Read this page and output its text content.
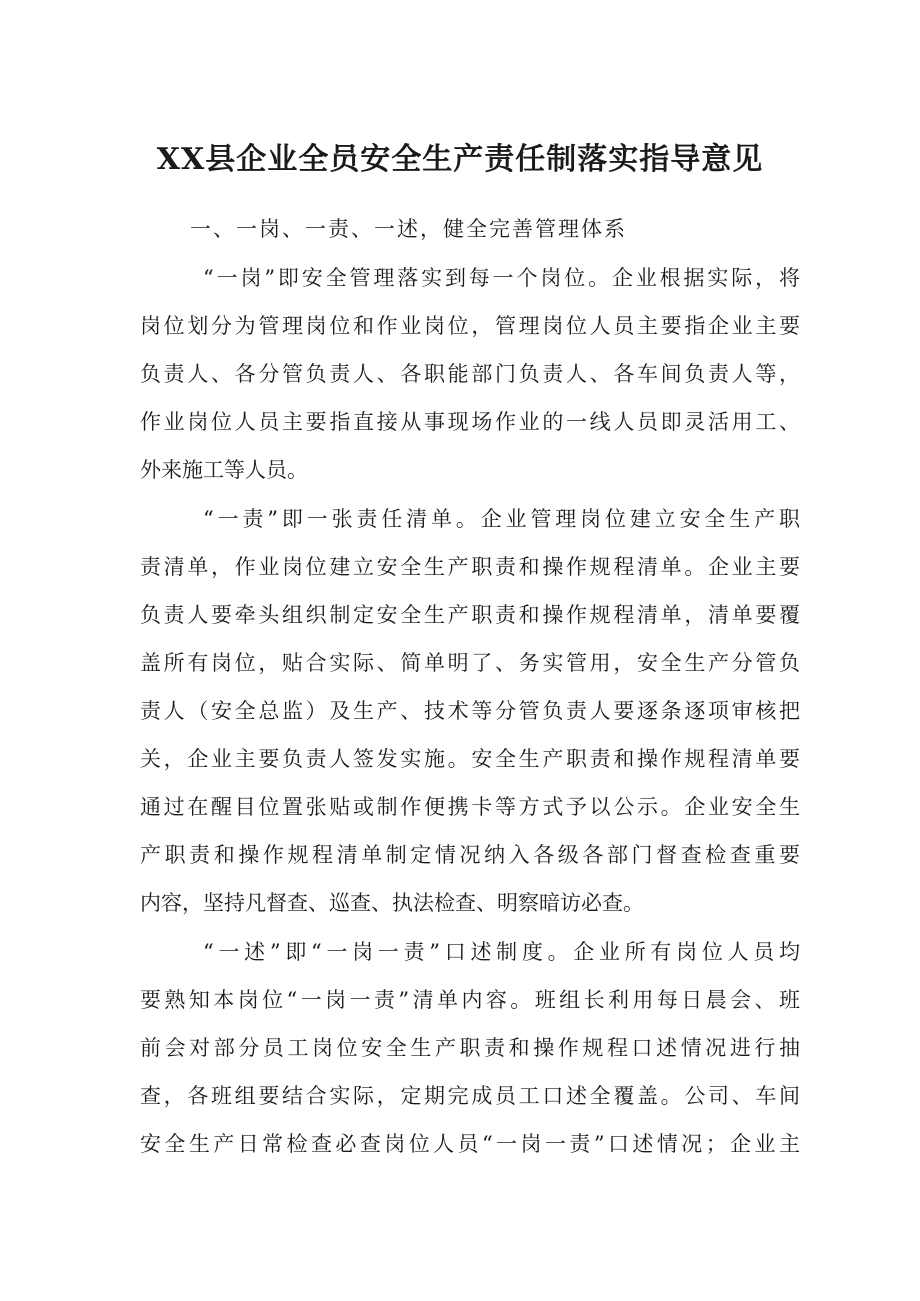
XX县企业全员安全生产责任制落实指导意见

一、一岗、一责、一述，健全完善管理体系

“一岗”即安全管理落实到每一个岗位。企业根据实际，将
岗位划分为管理岗位和作业岗位，管理岗位人员主要指企业主要
负责人、各分管负责人、各职能部门负责人、各车间负责人等，
作业岗位人员主要指直接从事现场作业的一线人员即灵活用工、
外来施工等人员。

“一责”即一张责任清单。企业管理岗位建立安全生产职
责清单，作业岗位建立安全生产职责和操作规程清单。企业主要
负责人要牵头组织制定安全生产职责和操作规程清单，清单要覆
盖所有岗位，贴合实际、简单明了、务实管用，安全生产分管负
责人（安全总监）及生产、技术等分管负责人要逐条逐项审核把
关，企业主要负责人签发实施。安全生产职责和操作规程清单要
通过在醒目位置张贴或制作便携卡等方式予以公示。企业安全生
产职责和操作规程清单制定情况纳入各级各部门督查检查重要
内容，坚持凡督查、巡查、执法检查、明察暗访必查。

“一述”即“一岗一责”口述制度。企业所有岗位人员均
要熟知本岗位“一岗一责”清单内容。班组长利用每日晨会、班
前会对部分员工岗位安全生产职责和操作规程口述情况进行抽
查，各班组要结合实际，定期完成员工口述全覆盖。公司、车间
安全生产日常检查必查岗位人员“一岗一责”口述情况；企业主
